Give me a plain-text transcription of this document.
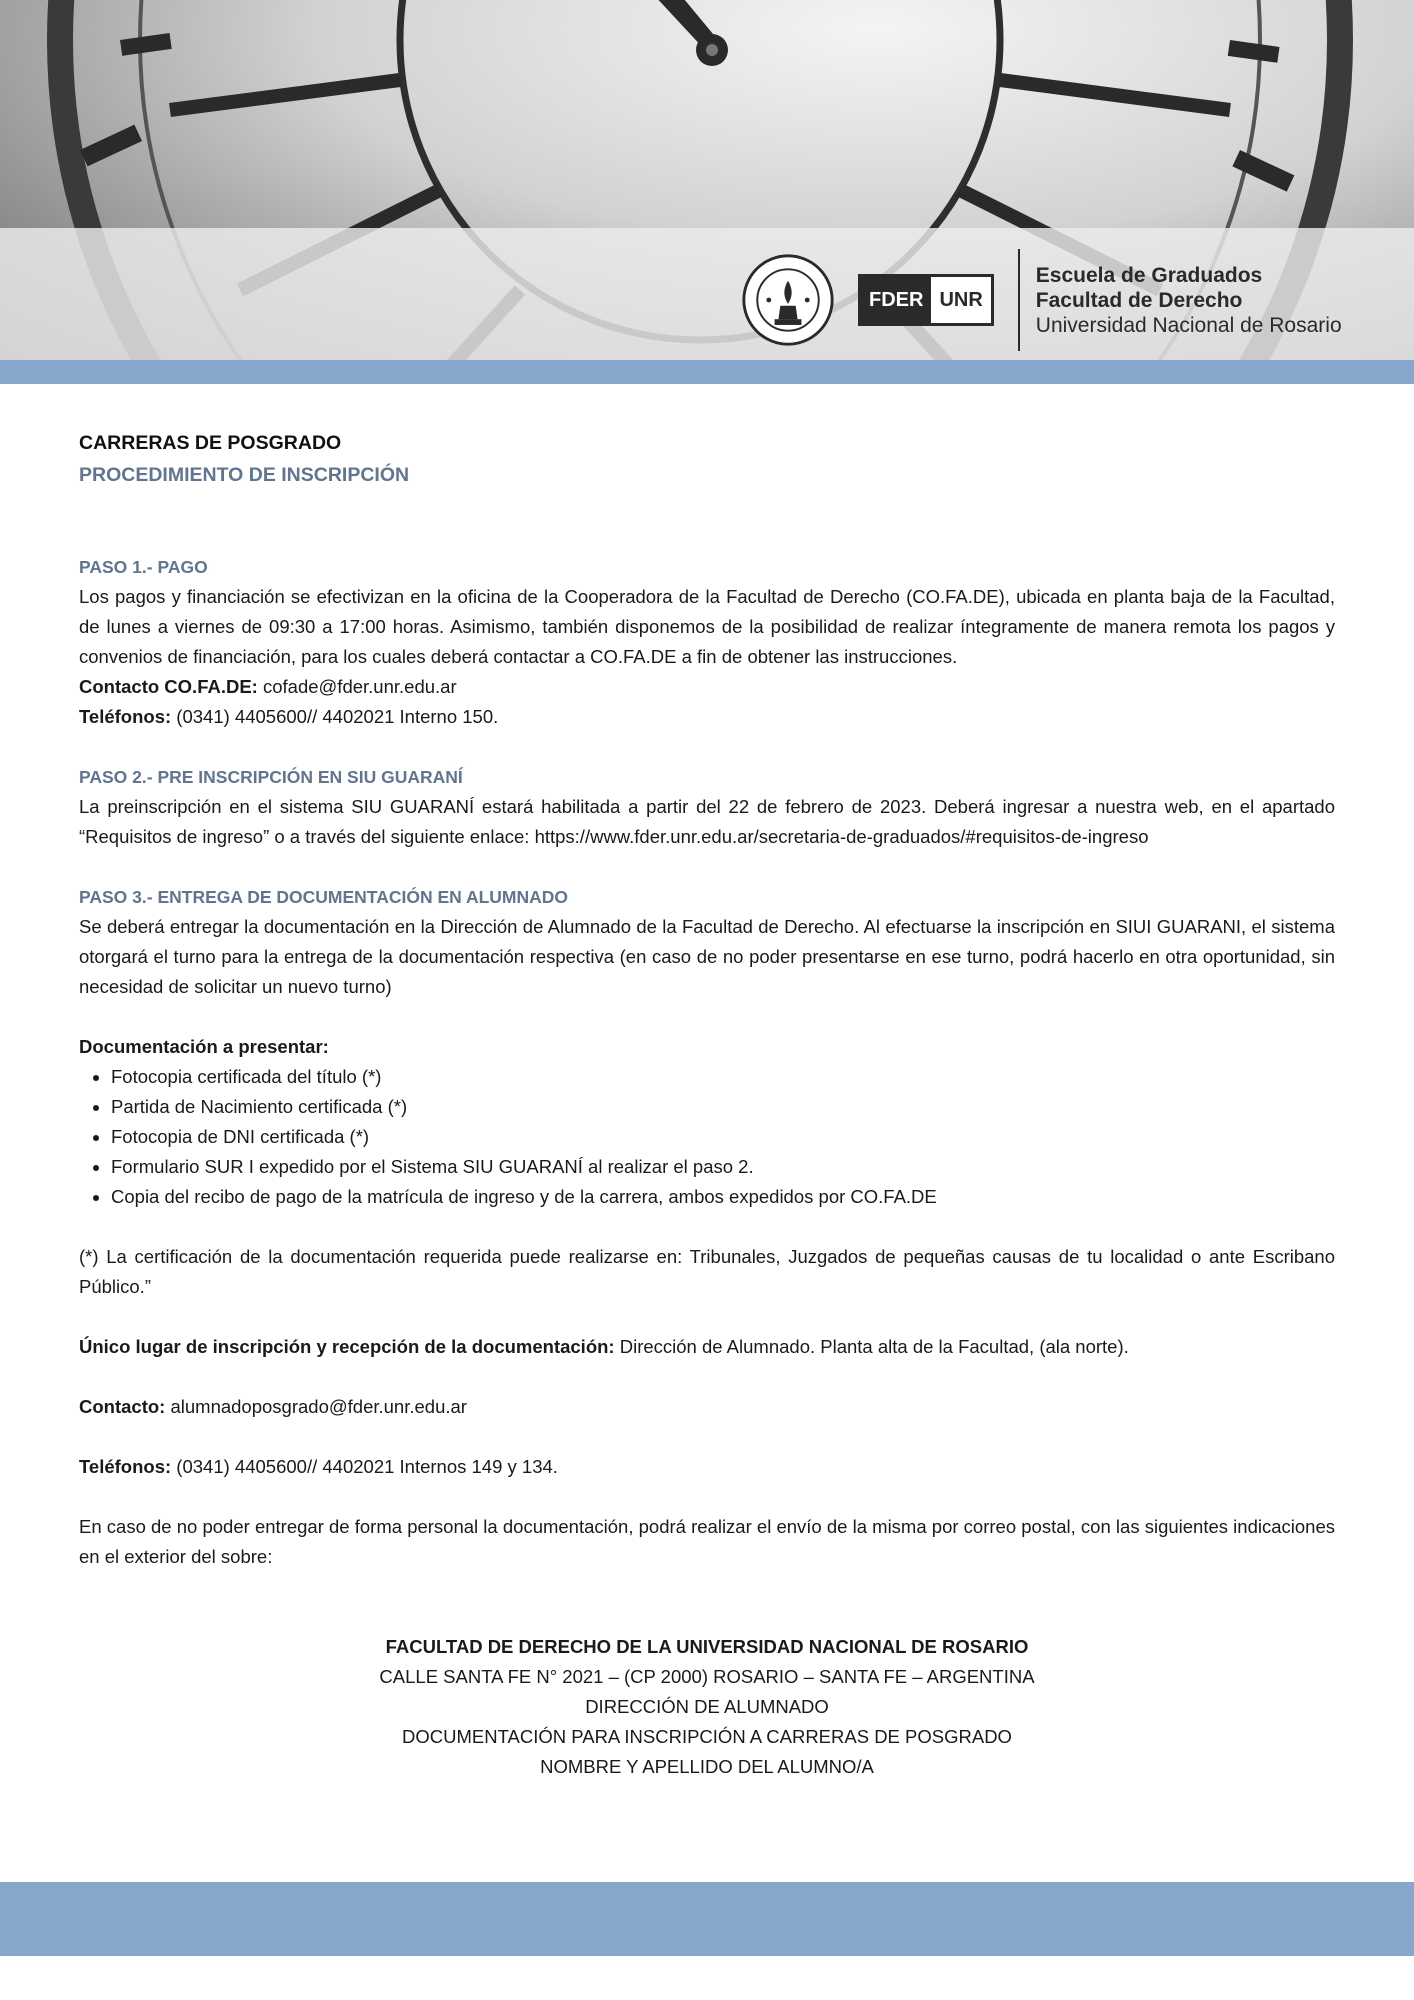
FDER UNR
Escuela de Graduados
Facultad de Derecho
Universidad Nacional de Rosario
CARRERAS DE POSGRADO
PROCEDIMIENTO DE INSCRIPCIÓN
PASO 1.- PAGO

Los pagos y financiación se efectivizan en la oficina de la Cooperadora de la Facultad de Derecho (CO.FA.DE), ubicada en planta baja de la Facultad, de lunes a viernes de 09:30 a 17:00 horas. Asimismo, también disponemos de la posibilidad de realizar íntegramente de manera remota los pagos y convenios de financiación, para los cuales deberá contactar a CO.FA.DE a fin de obtener las instrucciones.

Contacto CO.FA.DE: cofade@fder.unr.edu.ar

Teléfonos: (0341) 4405600// 4402021 Interno 150.

PASO 2.- PRE INSCRIPCIÓN EN SIU GUARANÍ

La preinscripción en el sistema SIU GUARANÍ estará habilitada a partir del 22 de febrero de 2023. Deberá ingresar a nuestra web, en el apartado “Requisitos de ingreso” o a través del siguiente enlace: https://www.fder.unr.edu.ar/secretaria-de-graduados/#requisitos-de-ingreso

PASO 3.- ENTREGA DE DOCUMENTACIÓN EN ALUMNADO

Se deberá entregar la documentación en la Dirección de Alumnado de la Facultad de Derecho. Al efectuarse la inscripción en SIUI GUARANI, el sistema otorgará el turno para la entrega de la documentación respectiva (en caso de no poder presentarse en ese turno, podrá hacerlo en otra oportunidad, sin necesidad de solicitar un nuevo turno)

Documentación a presentar:

• Fotocopia certificada del título (*)
• Partida de Nacimiento certificada (*)
• Fotocopia de DNI certificada (*)
• Formulario SUR I expedido por el Sistema SIU GUARANÍ al realizar el paso 2.
• Copia del recibo de pago de la matrícula de ingreso y de la carrera, ambos expedidos por CO.FA.DE

(*) La certificación de la documentación requerida puede realizarse en: Tribunales, Juzgados de pequeñas causas de tu localidad o ante Escribano Público.”

Único lugar de inscripción y recepción de la documentación: Dirección de Alumnado. Planta alta de la Facultad, (ala norte).

Contacto: alumnadoposgrado@fder.unr.edu.ar

Teléfonos: (0341) 4405600// 4402021 Internos 149 y 134.

En caso de no poder entregar de forma personal la documentación, podrá realizar el envío de la misma por correo postal, con las siguientes indicaciones en el exterior del sobre:

FACULTAD DE DERECHO DE LA UNIVERSIDAD NACIONAL DE ROSARIO

CALLE SANTA FE N° 2021 – (CP 2000) ROSARIO – SANTA FE – ARGENTINA

DIRECCIÓN DE ALUMNADO

DOCUMENTACIÓN PARA INSCRIPCIÓN A CARRERAS DE POSGRADO

NOMBRE Y APELLIDO DEL ALUMNO/A
